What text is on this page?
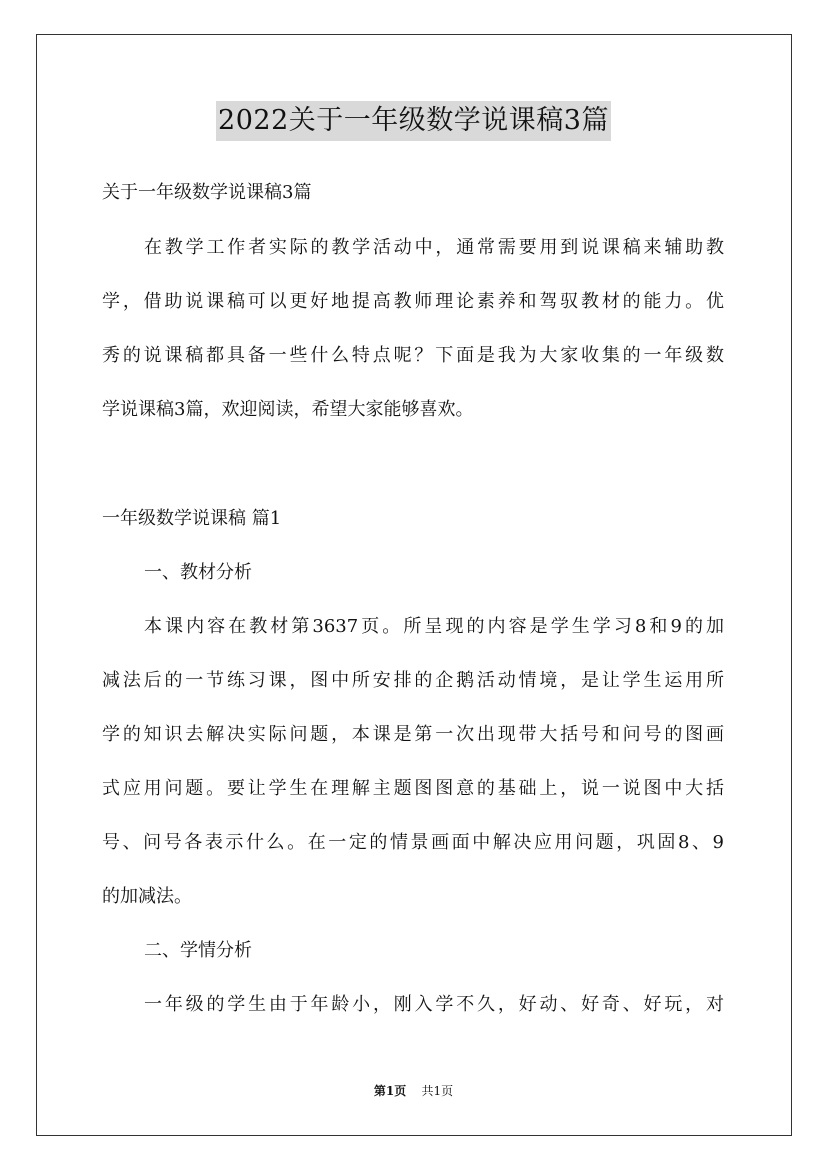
2022关于一年级数学说课稿3篇
关于一年级数学说课稿3篇
在教学工作者实际的教学活动中，通常需要用到说课稿来辅助教
学，借助说课稿可以更好地提高教师理论素养和驾驭教材的能力。优
秀的说课稿都具备一些什么特点呢？下面是我为大家收集的一年级数
学说课稿3篇，欢迎阅读，希望大家能够喜欢。
一年级数学说课稿 篇1
一、教材分析
本课内容在教材第3637页。所呈现的内容是学生学习8和9的加
减法后的一节练习课，图中所安排的企鹅活动情境，是让学生运用所
学的知识去解决实际问题，本课是第一次出现带大括号和问号的图画
式应用问题。要让学生在理解主题图图意的基础上，说一说图中大括
号、问号各表示什么。在一定的情景画面中解决应用问题，巩固8、9
的加减法。
二、学情分析
一年级的学生由于年龄小，刚入学不久，好动、好奇、好玩，对
第1页 共1页
